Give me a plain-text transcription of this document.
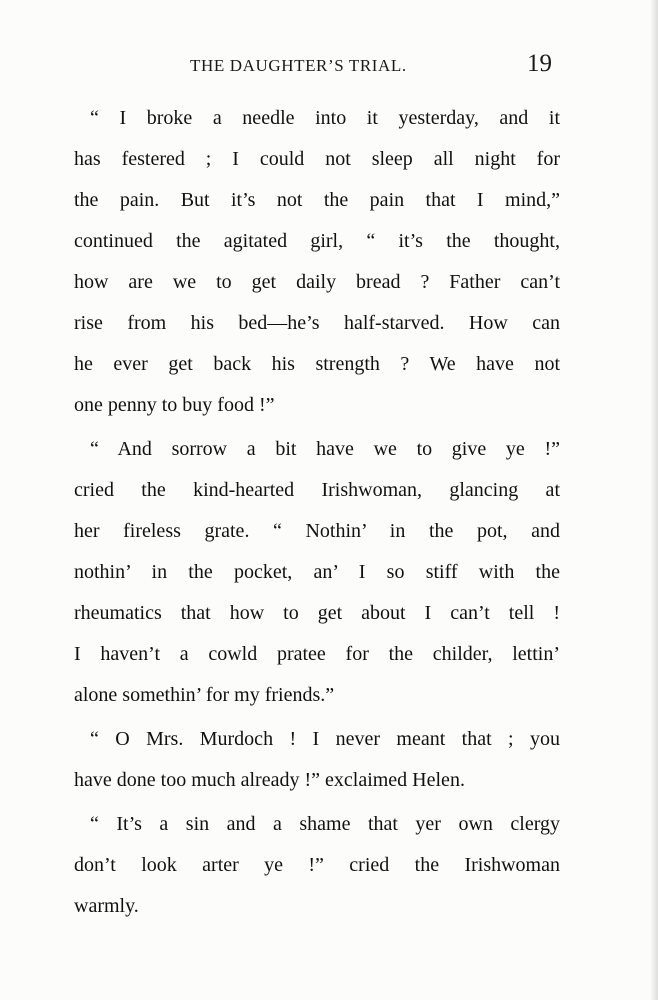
THE DAUGHTER’S TRIAL.	19
“ I broke a needle into it yesterday, and it
has festered ; I could not sleep all night for
the pain. But it’s not the pain that I mind,”
continued the agitated girl, “ it’s the thought,
how are we to get daily bread ? Father can’t
rise from his bed—he’s half-starved. How can
he ever get back his strength ? We have not
one penny to buy food !”
“ And sorrow a bit have we to give ye !”
cried the kind-hearted Irishwoman, glancing at
her fireless grate. “ Nothin’ in the pot, and
nothin’ in the pocket, an’ I so stiff with the
rheumatics that how to get about I can’t tell !
I haven’t a cowld pratee for the childer, lettin’
alone somethin’ for my friends.”
“ O Mrs. Murdoch ! I never meant that ; you
have done too much already !” exclaimed Helen.
“ It’s a sin and a shame that yer own clergy
don’t look arter ye !” cried the Irishwoman
warmly.
